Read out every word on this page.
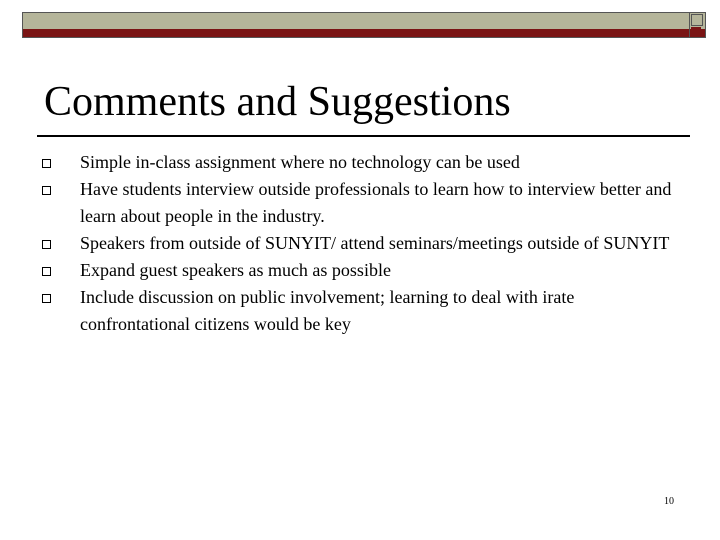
Comments and Suggestions
Simple in-class assignment where no technology can be used
Have students interview outside professionals to learn how to interview better and learn about people in the industry.
Speakers from outside of SUNYIT/ attend seminars/meetings outside of SUNYIT
Expand guest speakers as much as possible
Include discussion on public involvement; learning to deal with irate confrontational citizens would be key
10
